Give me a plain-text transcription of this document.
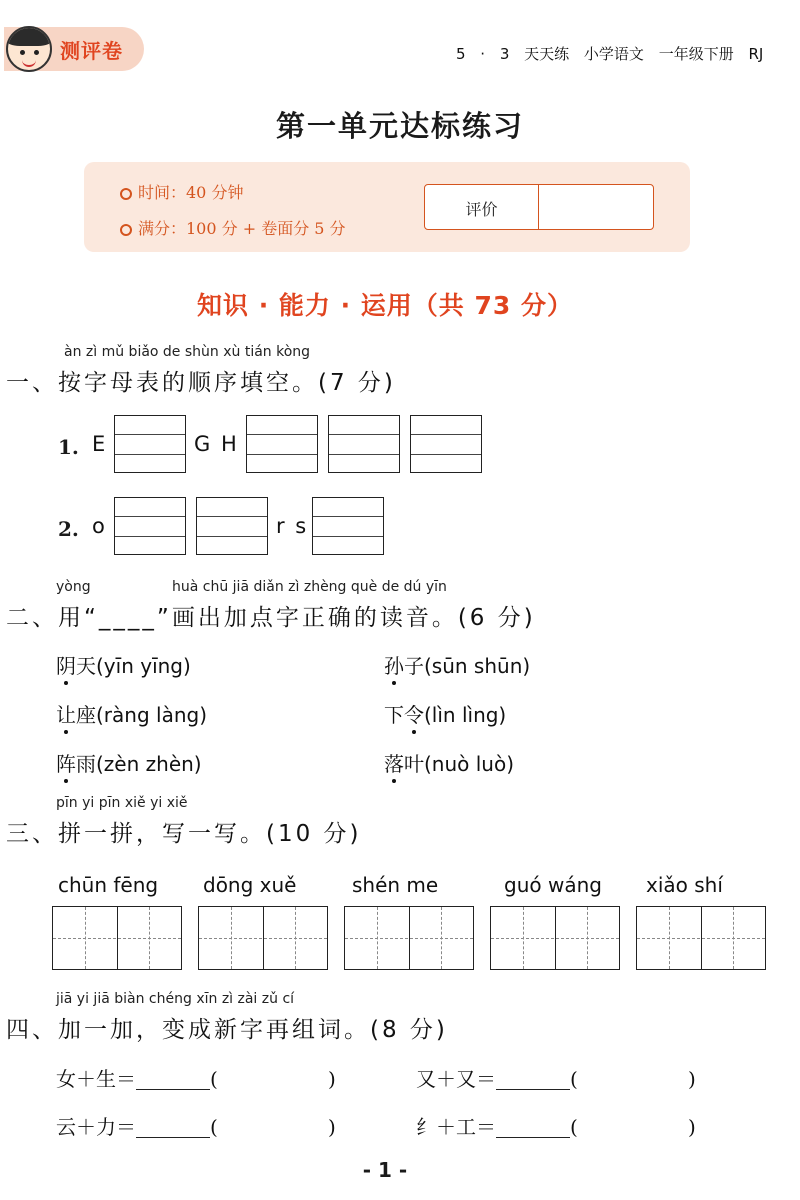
测评卷	5 · 3 天天练 小学语文 一年级下册 RJ
第一单元达标练习
时间：40 分钟
满分：100 分 + 卷面分 5 分
评价
知识 · 能力 · 运用（共 73 分）
àn zì mǔ biǎo de shùn xù tián kòng
一、按字母表的顺序填空。(7 分)
1. E	G H
2. o	r s
yòng	huà chū jiā diǎn zì zhèng què de dú yīn
二、用“____”画出加点字正确的读音。(6 分)
阴天(yīn yīng)	孙子(sūn shūn)
让座(ràng làng)	下令(lìn lìng)
阵雨(zèn zhèn)	落叶(nuò luò)
pīn yi pīn xiě yi xiě
三、拼一拼，写一写。(10 分)
chūn fēng dōng xuě	shén me	guó wáng xiǎo shí
jiā yi jiā biàn chéng xīn zì zài zǔ cí
四、加一加，变成新字再组词。(8 分)
女＋生＝	(	)	又＋又＝	(	)
云＋力＝	(	)	纟＋工＝	(	)
- 1 -
